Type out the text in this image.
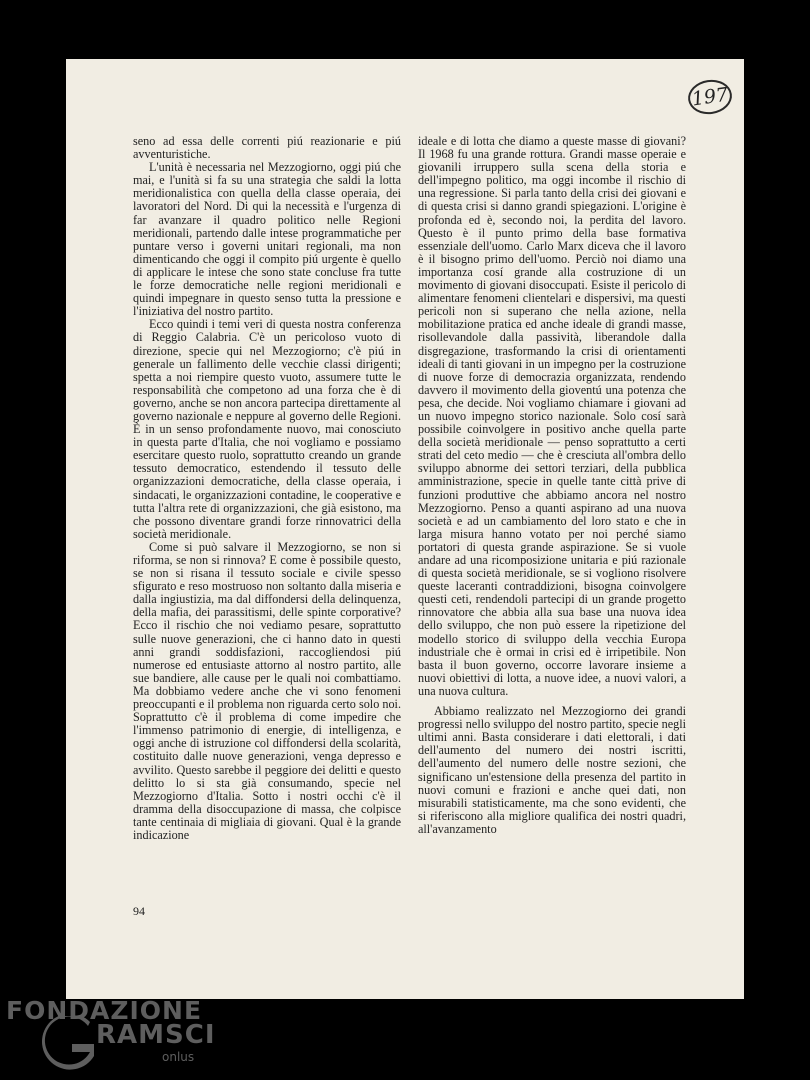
197

seno ad essa delle correnti piú reazionarie e piú avventuristiche.

L'unità è necessaria nel Mezzogiorno, oggi piú che mai, e l'unità si fa su una strategia che saldi la lotta meridionalistica con quella della classe operaia, dei lavoratori del Nord. Di qui la necessità e l'urgenza di far avanzare il quadro politico nelle Regioni meridionali, partendo dalle intese programmatiche per puntare verso i governi unitari regionali, ma non dimenticando che oggi il compito piú urgente è quello di applicare le intese che sono state concluse fra tutte le forze democratiche nelle regioni meridionali e quindi impegnare in questo senso tutta la pressione e l'iniziativa del nostro partito.

Ecco quindi i temi veri di questa nostra conferenza di Reggio Calabria. C'è un pericoloso vuoto di direzione, specie qui nel Mezzogiorno; c'è piú in generale un fallimento delle vecchie classi dirigenti; spetta a noi riempire questo vuoto, assumere tutte le responsabilità che competono ad una forza che è di governo, anche se non ancora partecipa direttamente al governo nazionale e neppure al governo delle Regioni. È in un senso profondamente nuovo, mai conosciuto in questa parte d'Italia, che noi vogliamo e possiamo esercitare questo ruolo, soprattutto creando un grande tessuto democratico, estendendo il tessuto delle organizzazioni democratiche, della classe operaia, i sindacati, le organizzazioni contadine, le cooperative e tutta l'altra rete di organizzazioni, che già esistono, ma che possono diventare grandi forze rinnovatrici della società meridionale.

Come si può salvare il Mezzogiorno, se non si riforma, se non si rinnova? E come è possibile questo, se non si risana il tessuto sociale e civile spesso sfigurato e reso mostruoso non soltanto dalla miseria e dalla ingiustizia, ma dal diffondersi della delinquenza, della mafia, dei parassitismi, delle spinte corporative? Ecco il rischio che noi vediamo pesare, soprattutto sulle nuove generazioni, che ci hanno dato in questi anni grandi soddisfazioni, raccogliendosi piú numerose ed entusiaste attorno al nostro partito, alle sue bandiere, alle cause per le quali noi combattiamo. Ma dobbiamo vedere anche che vi sono fenomeni preoccupanti e il problema non riguarda certo solo noi. Soprattutto c'è il problema di come impedire che l'immenso patrimonio di energie, di intelligenza, e oggi anche di istruzione col diffondersi della scolarità, costituito dalle nuove generazioni, venga depresso e avvilito. Questo sarebbe il peggiore dei delitti e questo delitto lo si sta già consumando, specie nel Mezzogiorno d'Italia. Sotto i nostri occhi c'è il dramma della disoccupazione di massa, che colpisce tante centinaia di migliaia di giovani. Qual è la grande indicazione

ideale e di lotta che diamo a queste masse di giovani? Il 1968 fu una grande rottura. Grandi masse operaie e giovanili irruppero sulla scena della storia e dell'impegno politico, ma oggi incombe il rischio di una regressione. Si parla tanto della crisi dei giovani e di questa crisi si danno grandi spiegazioni. L'origine è profonda ed è, secondo noi, la perdita del lavoro. Questo è il punto primo della base formativa essenziale dell'uomo. Carlo Marx diceva che il lavoro è il bisogno primo dell'uomo. Perciò noi diamo una importanza cosí grande alla costruzione di un movimento di giovani disoccupati. Esiste il pericolo di alimentare fenomeni clientelari e dispersivi, ma questi pericoli non si superano che nella azione, nella mobilitazione pratica ed anche ideale di grandi masse, risollevandole dalla passività, liberandole dalla disgregazione, trasformando la crisi di orientamenti ideali di tanti giovani in un impegno per la costruzione di nuove forze di democrazia organizzata, rendendo davvero il movimento della gioventú una potenza che pesa, che decide. Noi vogliamo chiamare i giovani ad un nuovo impegno storico nazionale. Solo cosí sarà possibile coinvolgere in positivo anche quella parte della società meridionale — penso soprattutto a certi strati del ceto medio — che è cresciuta all'ombra dello sviluppo abnorme dei settori terziari, della pubblica amministrazione, specie in quelle tante città prive di funzioni produttive che abbiamo ancora nel nostro Mezzogiorno. Penso a quanti aspirano ad una nuova società e ad un cambiamento del loro stato e che in larga misura hanno votato per noi perché siamo portatori di questa grande aspirazione. Se si vuole andare ad una ricomposizione unitaria e piú razionale di questa società meridionale, se si vogliono risolvere queste laceranti contraddizioni, bisogna coinvolgere questi ceti, rendendoli partecipi di un grande progetto rinnovatore che abbia alla sua base una nuova idea dello sviluppo, che non può essere la ripetizione del modello storico di sviluppo della vecchia Europa industriale che è ormai in crisi ed è irripetibile. Non basta il buon governo, occorre lavorare insieme a nuovi obiettivi di lotta, a nuove idee, a nuovi valori, a una nuova cultura.

Abbiamo realizzato nel Mezzogiorno dei grandi progressi nello sviluppo del nostro partito, specie negli ultimi anni. Basta considerare i dati elettorali, i dati dell'aumento del numero dei nostri iscritti, dell'aumento del numero delle nostre sezioni, che significano un'estensione della presenza del partito in nuovi comuni e frazioni e anche quei dati, non misurabili statisticamente, ma che sono evidenti, che si riferiscono alla migliore qualifica dei nostri quadri, all'avanzamento

94
FONDAZIONE
RAMSCI
onlus
